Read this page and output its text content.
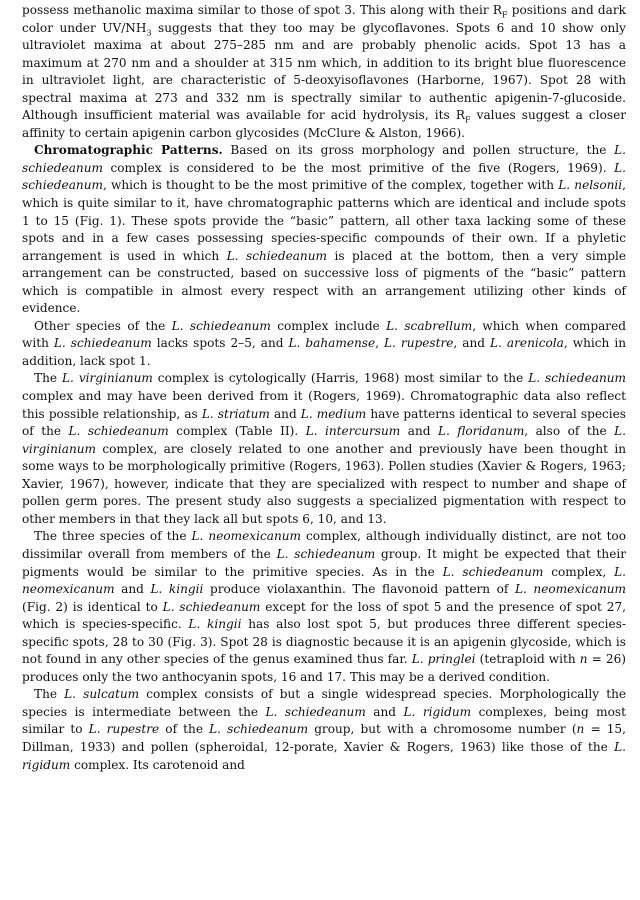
possess methanolic maxima similar to those of spot 3. This along with their $R_F$ positions and dark color under $UV/NH_3$ suggests that they too may be glycoflavones. Spots 6 and 10 show only ultraviolet maxima at about 275–285 nm and are probably phenolic acids. Spot 13 has a maximum at 270 nm and a shoulder at 315 nm which, in addition to its bright blue fluorescence in ultraviolet light, are characteristic of 5-deoxyisoflavones (Harborne, 1967). Spot 28 with spectral maxima at 273 and 332 nm is spectrally similar to authentic apigenin-7-glucoside. Although insufficient material was available for acid hydrolysis, its $R_F$ values suggest a closer affinity to certain apigenin carbon glycosides (McClure & Alston, 1966).

Chromatographic Patterns. Based on its gross morphology and pollen structure, the L. schiedeanum complex is considered to be the most primitive of the five (Rogers, 1969). L. schiedeanum, which is thought to be the most primitive of the complex, together with L. nelsonii, which is quite similar to it, have chromatographic patterns which are identical and include spots 1 to 15 (Fig. 1). These spots provide the “basic” pattern, all other taxa lacking some of these spots and in a few cases possessing species-specific compounds of their own. If a phyletic arrangement is used in which L. schiedeanum is placed at the bottom, then a very simple arrangement can be constructed, based on successive loss of pigments of the “basic” pattern which is compatible in almost every respect with an arrangement utilizing other kinds of evidence.

Other species of the L. schiedeanum complex include L. scabrellum, which when compared with L. schiedeanum lacks spots 2–5, and L. bahamense, L. rupestre, and L. arenicola, which in addition, lack spot 1.

The L. virginianum complex is cytologically (Harris, 1968) most similar to the L. schiedeanum complex and may have been derived from it (Rogers, 1969). Chromatographic data also reflect this possible relationship, as L. striatum and L. medium have patterns identical to several species of the L. schiedeanum complex (Table II). L. intercursum and L. floridanum, also of the L. virginianum complex, are closely related to one another and previously have been thought in some ways to be morphologically primitive (Rogers, 1963). Pollen studies (Xavier & Rogers, 1963; Xavier, 1967), however, indicate that they are specialized with respect to number and shape of pollen germ pores. The present study also suggests a specialized pigmentation with respect to other members in that they lack all but spots 6, 10, and 13.

The three species of the L. neomexicanum complex, although individually distinct, are not too dissimilar overall from members of the L. schiedeanum group. It might be expected that their pigments would be similar to the primitive species. As in the L. schiedeanum complex, L. neomexicanum and L. kingii produce violaxanthin. The flavonoid pattern of L. neomexicanum (Fig. 2) is identical to L. schiedeanum except for the loss of spot 5 and the presence of spot 27, which is species-specific. L. kingii has also lost spot 5, but produces three different species-specific spots, 28 to 30 (Fig. 3). Spot 28 is diagnostic because it is an apigenin glycoside, which is not found in any other species of the genus examined thus far. L. pringlei (tetraploid with n = 26) produces only the two anthocyanin spots, 16 and 17. This may be a derived condition.

The L. sulcatum complex consists of but a single widespread species. Morphologically the species is intermediate between the L. schiedeanum and L. rigidum complexes, being most similar to L. rupestre of the L. schiedeanum group, but with a chromosome number (n = 15, Dillman, 1933) and pollen (spheroidal, 12-porate, Xavier & Rogers, 1963) like those of the L. rigidum complex. Its carotenoid and
